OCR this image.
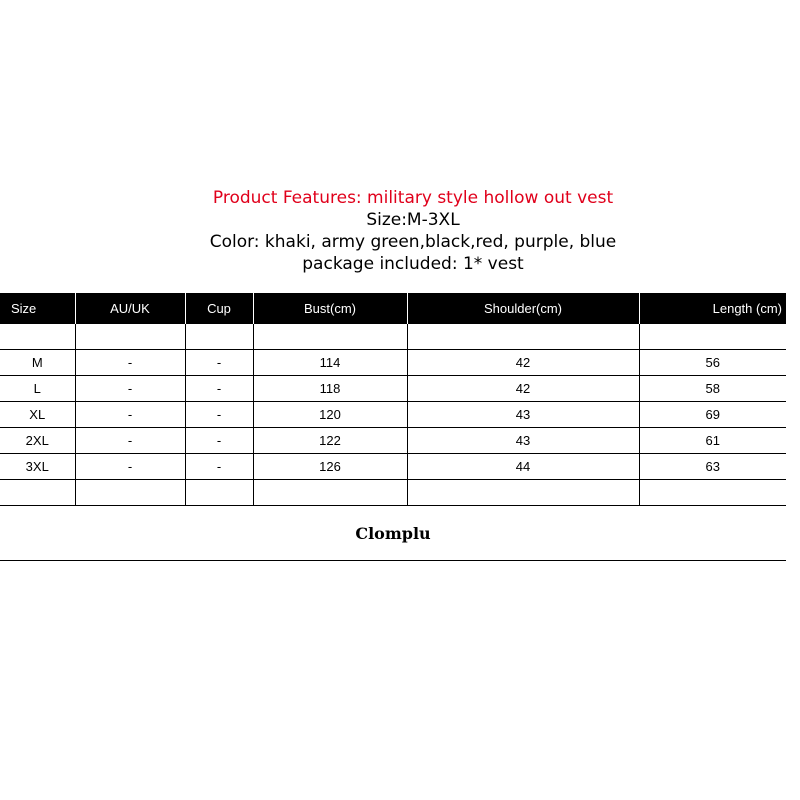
Product Features: military style hollow out vest
Size:M-3XL
Color: khaki, army green,black,red, purple, blue
package included: 1* vest
Size	AU/UK	Cup	Bust(cm)	Shoulder(cm)	Length (cm)

M	-	-	114	42	56
L	-	-	118	42	58
XL	-	-	120	43	69
2XL	-	-	122	43	61
3XL	-	-	126	44	63

Clomplu
